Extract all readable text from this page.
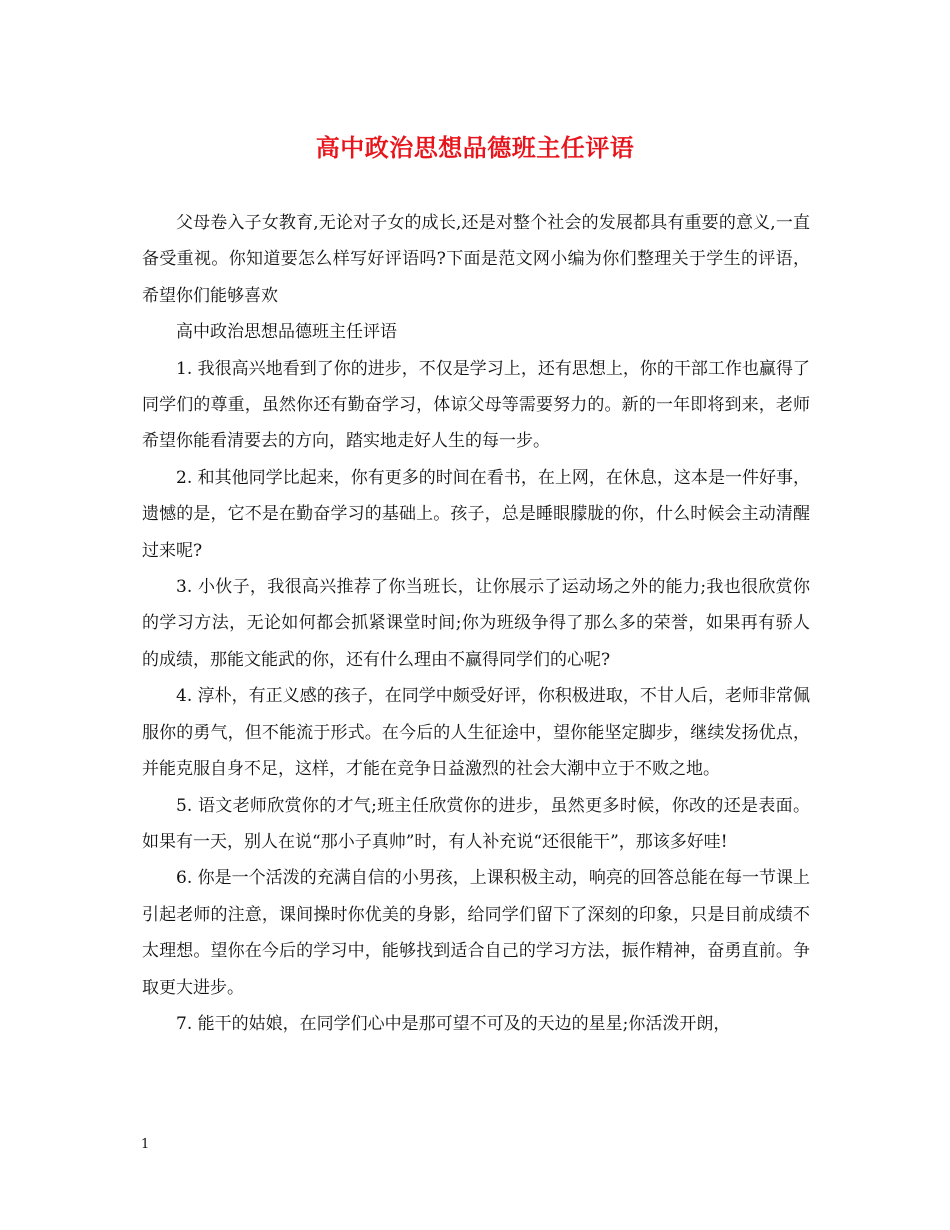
高中政治思想品德班主任评语

父母卷入子女教育,无论对子女的成长,还是对整个社会的发展都具有重要的意义,一直备受重视。你知道要怎么样写好评语吗?下面是范文网小编为你们整理关于学生的评语，希望你们能够喜欢

高中政治思想品德班主任评语

1. 我很高兴地看到了你的进步，不仅是学习上，还有思想上，你的干部工作也赢得了同学们的尊重，虽然你还有勤奋学习，体谅父母等需要努力的。新的一年即将到来，老师希望你能看清要去的方向，踏实地走好人生的每一步。

2. 和其他同学比起来，你有更多的时间在看书，在上网，在休息，这本是一件好事，遗憾的是，它不是在勤奋学习的基础上。孩子，总是睡眼朦胧的你，什么时候会主动清醒过来呢?

3. 小伙子，我很高兴推荐了你当班长，让你展示了运动场之外的能力;我也很欣赏你的学习方法，无论如何都会抓紧课堂时间;你为班级争得了那么多的荣誉，如果再有骄人的成绩，那能文能武的你，还有什么理由不赢得同学们的心呢?

4. 淳朴，有正义感的孩子，在同学中颇受好评，你积极进取，不甘人后，老师非常佩服你的勇气，但不能流于形式。在今后的人生征途中，望你能坚定脚步，继续发扬优点，并能克服自身不足，这样，才能在竞争日益激烈的社会大潮中立于不败之地。

5. 语文老师欣赏你的才气;班主任欣赏你的进步，虽然更多时候，你改的还是表面。如果有一天，别人在说“那小子真帅”时，有人补充说“还很能干”，那该多好哇!

6. 你是一个活泼的充满自信的小男孩，上课积极主动，响亮的回答总能在每一节课上引起老师的注意，课间操时你优美的身影，给同学们留下了深刻的印象，只是目前成绩不太理想。望你在今后的学习中，能够找到适合自己的学习方法，振作精神，奋勇直前。争取更大进步。

7. 能干的姑娘，在同学们心中是那可望不可及的天边的星星;你活泼开朗，

1
